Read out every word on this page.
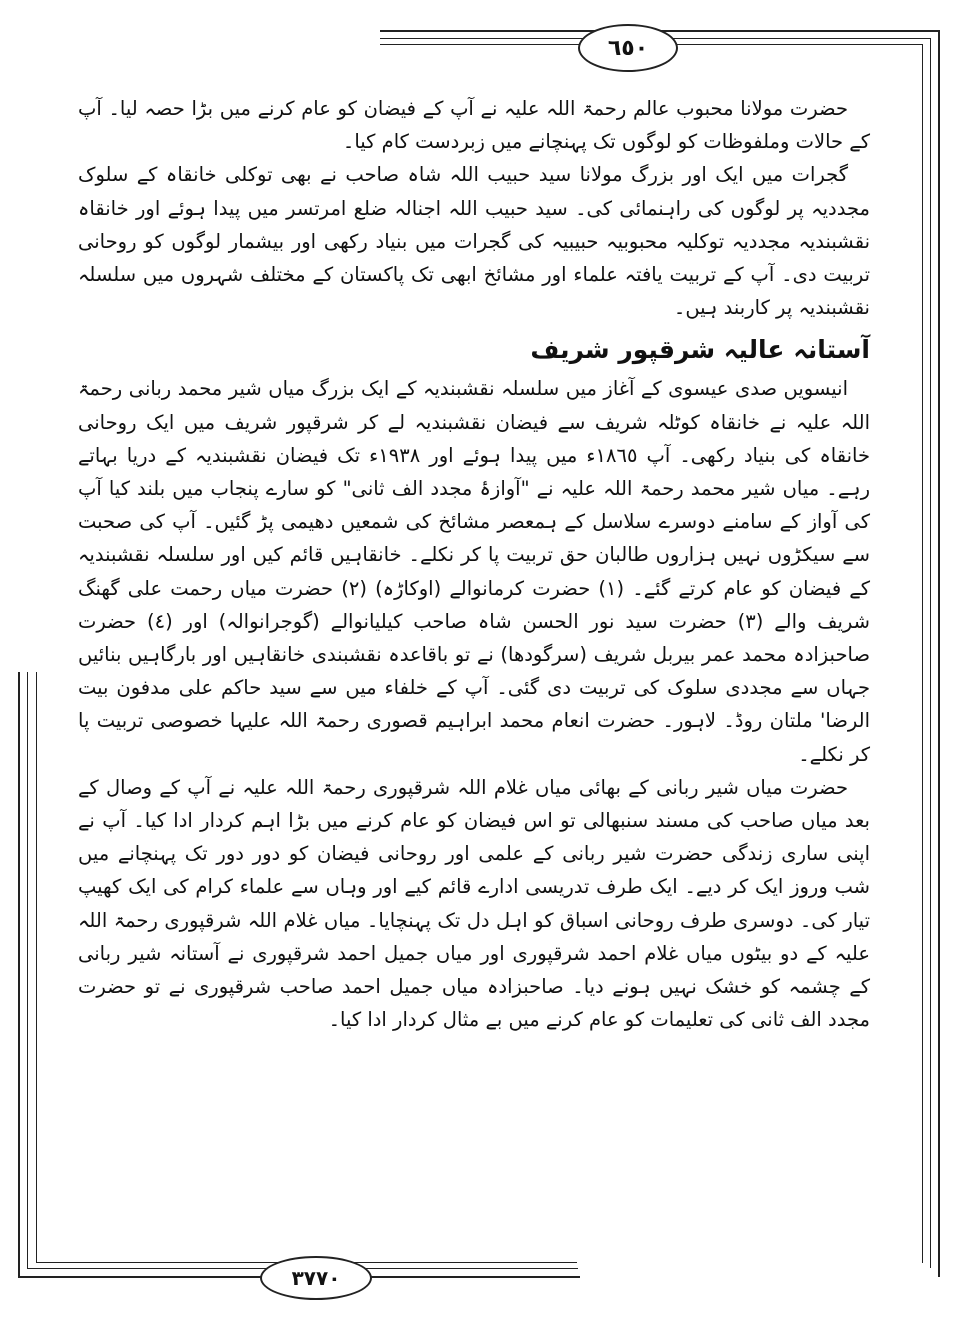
٦٥٠

حضرت مولانا محبوب عالم رحمۃ اللہ علیہ نے آپ کے فیضان کو عام کرنے میں بڑا حصہ لیا۔ آپ کے حالات وملفوظات کو لوگوں تک پہنچانے میں زبردست کام کیا۔

گجرات میں ایک اور بزرگ مولانا سید حبیب اللہ شاہ صاحب نے بھی توکلی خانقاہ کے سلوک مجددیہ پر لوگوں کی راہنمائی کی۔ سید حبیب اللہ اجنالہ ضلع امرتسر میں پیدا ہوئے اور خانقاہ نقشبندیہ مجددیہ توکلیہ محبوبیہ حبیبیہ کی گجرات میں بنیاد رکھی اور بیشمار لوگوں کو روحانی تربیت دی۔ آپ کے تربیت یافتہ علماء اور مشائخ ابھی تک پاکستان کے مختلف شہروں میں سلسلہ نقشبندیہ پر کاربند ہیں۔

آستانہ عالیہ شرقپور شریف

انیسویں صدی عیسوی کے آغاز میں سلسلہ نقشبندیہ کے ایک بزرگ میاں شیر محمد ربانی رحمۃ اللہ علیہ نے خانقاہ کوٹلہ شریف سے فیضان نقشبندیہ لے کر شرقپور شریف میں ایک روحانی خانقاہ کی بنیاد رکھی۔ آپ ١٨٦٥ء میں پیدا ہوئے اور ١٩٣٨ء تک فیضان نقشبندیہ کے دریا بہاتے رہے۔ میاں شیر محمد رحمۃ اللہ علیہ نے "آوازۂ مجدد الف ثانی" کو سارے پنجاب میں بلند کیا آپ کی آواز کے سامنے دوسرے سلاسل کے ہمعصر مشائخ کی شمعیں دھیمی پڑ گئیں۔ آپ کی صحبت سے سیکڑوں نہیں ہزاروں طالبان حق تربیت پا کر نکلے۔ خانقاہیں قائم کیں اور سلسلہ نقشبندیہ کے فیضان کو عام کرتے گئے۔ (١) حضرت کرمانوالے (اوکاڑہ) (٢) حضرت میاں رحمت علی گھنگ شریف والے (٣) حضرت سید نور الحسن شاہ صاحب کیلیانوالے (گوجرانوالہ) اور (٤) حضرت صاحبزادہ محمد عمر بیربل شریف (سرگودھا) نے تو باقاعدہ نقشبندی خانقاہیں اور بارگاہیں بنائیں جہاں سے مجددی سلوک کی تربیت دی گئی۔ آپ کے خلفاء میں سے سید حاکم علی مدفون بیت الرضا' ملتان روڈ۔ لاہور۔ حضرت انعام محمد ابراہیم قصوری رحمۃ اللہ علیہا خصوصی تربیت پا کر نکلے۔

حضرت میاں شیر ربانی کے بھائی میاں غلام اللہ شرقپوری رحمۃ اللہ علیہ نے آپ کے وصال کے بعد میاں صاحب کی مسند سنبھالی تو اس فیضان کو عام کرنے میں بڑا اہم کردار ادا کیا۔ آپ نے اپنی ساری زندگی حضرت شیر ربانی کے علمی اور روحانی فیضان کو دور دور تک پہنچانے میں شب وروز ایک کر دیے۔ ایک طرف تدریسی ادارے قائم کیے اور وہاں سے علماء کرام کی ایک کھیپ تیار کی۔ دوسری طرف روحانی اسباق کو اہل دل تک پہنچایا۔ میاں غلام اللہ شرقپوری رحمۃ اللہ علیہ کے دو بیٹوں میاں غلام احمد شرقپوری اور میاں جمیل احمد شرقپوری نے آستانہ شیر ربانی کے چشمہ کو خشک نہیں ہونے دیا۔ صاحبزادہ میاں جمیل احمد صاحب شرقپوری نے تو حضرت مجدد الف ثانی کی تعلیمات کو عام کرنے میں بے مثال کردار ادا کیا۔

٣٧٧٠
